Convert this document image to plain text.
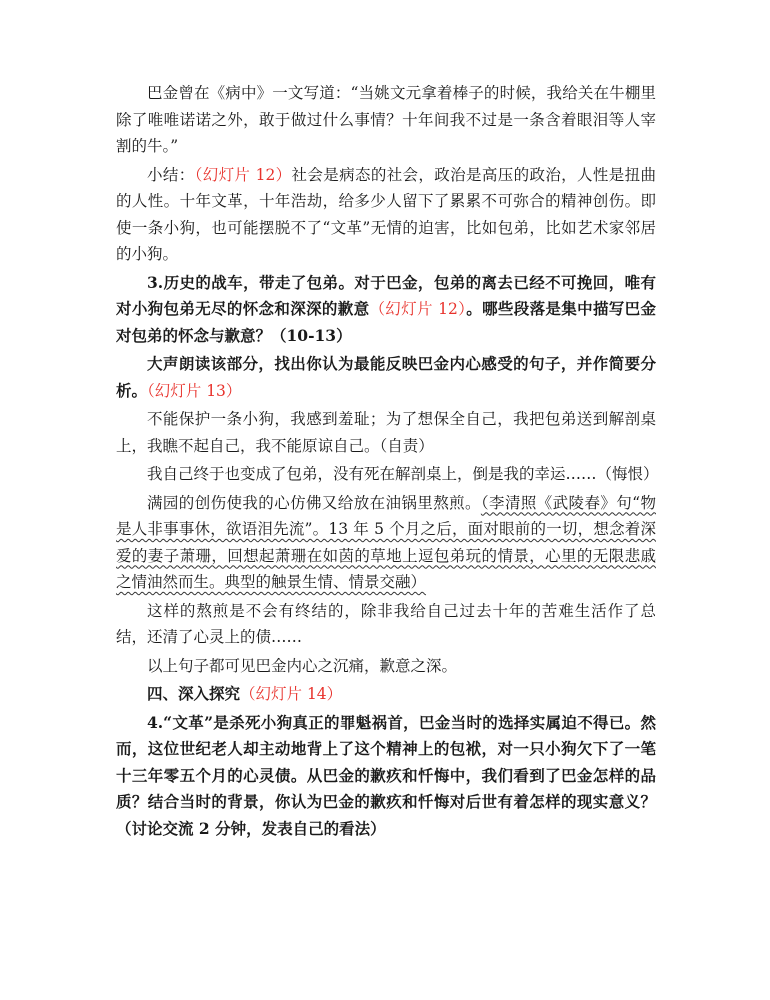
巴金曾在《病中》一文写道：“当姚文元拿着棒子的时候，我给关在牛棚里除了唯唯诺诺之外，敢于做过什么事情？十年间我不过是一条含着眼泪等人宰割的牛。”

小结：（幻灯片 12）社会是病态的社会，政治是高压的政治，人性是扭曲的人性。十年文革，十年浩劫，给多少人留下了累累不可弥合的精神创伤。即使一条小狗，也可能摆脱不了“文革”无情的迫害，比如包弟，比如艺术家邻居的小狗。

3.历史的战车，带走了包弟。对于巴金，包弟的离去已经不可挽回，唯有对小狗包弟无尽的怀念和深深的歉意（幻灯片 12）。哪些段落是集中描写巴金对包弟的怀念与歉意？（10-13）

大声朗读该部分，找出你认为最能反映巴金内心感受的句子，并作简要分析。（幻灯片 13）

不能保护一条小狗，我感到羞耻；为了想保全自己，我把包弟送到解剖桌上，我瞧不起自己，我不能原谅自己。（自责）

我自己终于也变成了包弟，没有死在解剖桌上，倒是我的幸运……（悔恨）

满园的创伤使我的心仿佛又给放在油锅里熬煎。（李清照《武陵春》句“物是人非事事休，欲语泪先流”。13 年 5 个月之后，面对眼前的一切，想念着深爱的妻子萧珊，回想起萧珊在如茵的草地上逗包弟玩的情景，心里的无限悲戚之情油然而生。典型的触景生情、情景交融）

这样的熬煎是不会有终结的，除非我给自己过去十年的苦难生活作了总结，还清了心灵上的债……

以上句子都可见巴金内心之沉痛，歉意之深。

四、深入探究（幻灯片 14）

4.“文革”是杀死小狗真正的罪魁祸首，巴金当时的选择实属迫不得已。然而，这位世纪老人却主动地背上了这个精神上的包袱，对一只小狗欠下了一笔十三年零五个月的心灵债。从巴金的歉疚和忏悔中，我们看到了巴金怎样的品质？结合当时的背景，你认为巴金的歉疚和忏悔对后世有着怎样的现实意义？（讨论交流 2 分钟，发表自己的看法）
